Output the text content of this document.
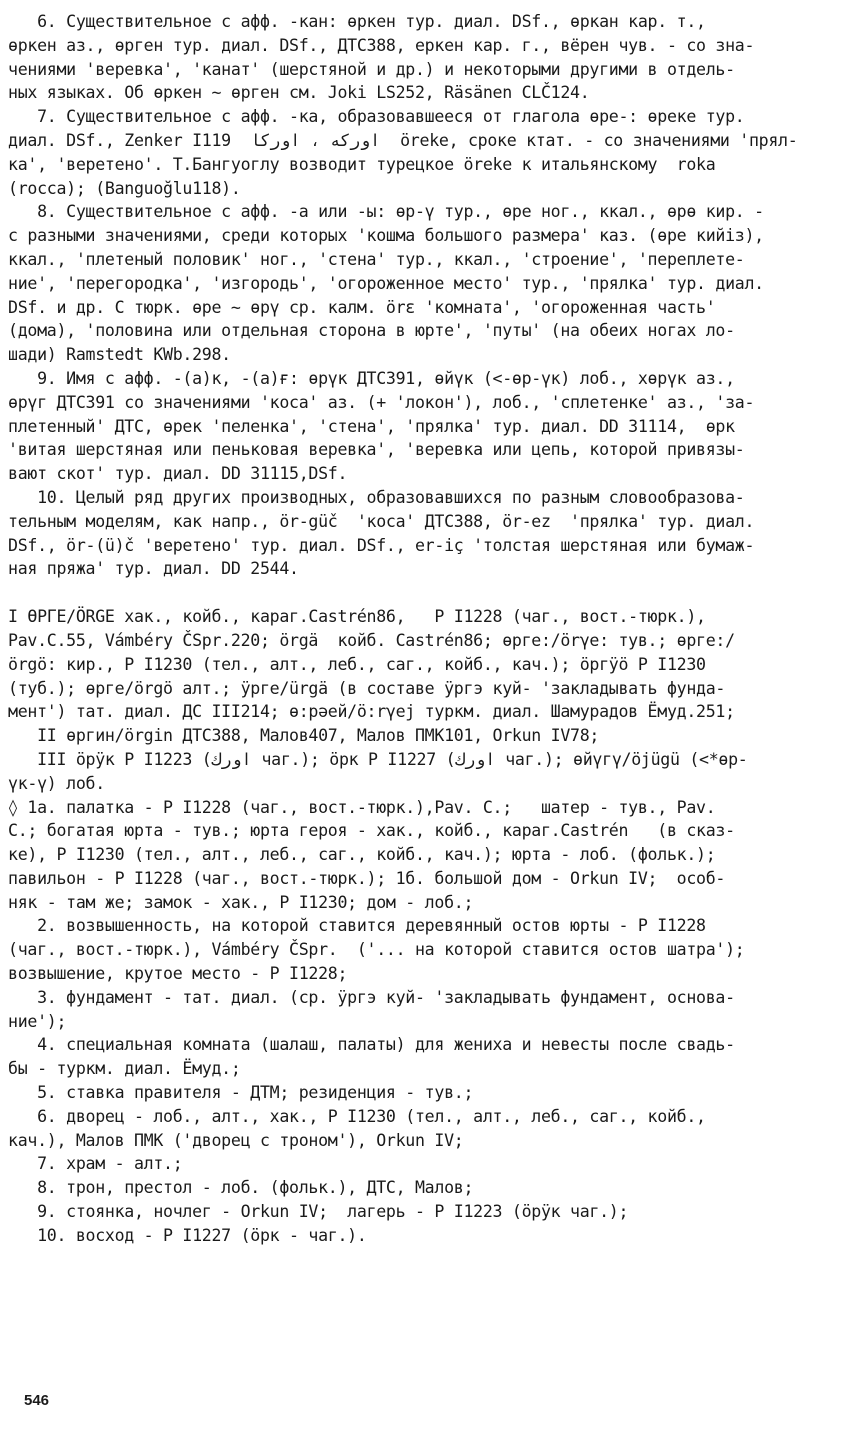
6. Существительное с афф. -кан: өркен тур. диал. DSf., өркан кар. т.,
өркен аз., өрген тур. диал. DSf., ДТС388, еркен кар. г., вёрен чув. - со зна-
чениями 'веревка', 'канат' (шерстяной и др.) и некоторыми другими в отдель-
ных языках. Об өркен ~ өрген см. Joki LS252, Räsänen CLČ124.
7. Существительное с афф. -ка, образовавшееся от глагола өре-: өреке тур.
диал. DSf., Zenker I119  اوركه ، اوركا  öreke, сроке ктат. - со значениями 'прял-
ка', 'веретено'. Т.Бангуоглу возводит турецкое öreke к итальянскому  roka
(rocca); (Banguoğlu118).
8. Существительное с афф. -а или -ы: өр-ү тур., өре ног., ккал., өрө кир. -
с разными значениями, среди которых 'кошма большого размера' каз. (өре кийiз),
ккал., 'плетеный половик' ног., 'стена' тур., ккал., 'строение', 'переплете-
ние', 'перегородка', 'изгородь', 'огороженное место' тур., 'прялка' тур. диал.
DSf. и др. С тюрк. өре ~ өрү ср. калм. örε 'комната', 'огороженная часть'
(дома), 'половина или отдельная сторона в юрте', 'путы' (на обеих ногах ло-
шади) Ramstedt KWb.298.
9. Имя с афф. -(а)к, -(а)ғ: өрүк ДТС391, өйүк (<-өр-үк) лоб., хөрүк аз.,
өрүг ДТС391 со значениями 'коса' аз. (+ 'локон'), лоб., 'сплетенке' аз., 'за-
плетенный' ДТС, өрек 'пеленка', 'стена', 'прялка' тур. диал. DD 31114,  өрк
'витая шерстяная или пеньковая веревка', 'веревка или цепь, которой привязы-
вают скот' тур. диал. DD 31115,DSf.
10. Целый ряд других производных, образовавшихся по разным словообразова-
тельным моделям, как напр., ör-güč  'коса' ДТС388, ör-ez  'прялка' тур. диал.
DSf., ör-(ü)č 'веретено' тур. диал. DSf., er-iç 'толстая шерстяная или бумаж-
ная пряжа' тур. диал. DD 2544.
I ӨРГЕ/ÖRGE хак., койб., караг.Castrén86,   P I1228 (чаг., вост.-тюрк.),
Pav.C.55, Vámbéry ČSpr.220; örgä  койб. Castrén86; өрге:/örγe: тув.; өрге:/
örgö: кир., P I1230 (тел., алт., леб., саг., койб., кач.); öргÿö P I1230
(туб.); өрге/örgö алт.; ӱрге/ürgä (в составе ӱргэ куй- 'закладывать фунда-
мент') тат. диал. ДС III214; ө:рәей/ö:rγej туркм. диал. Шамурадов Ёмуд.251;
II өргин/örgin ДТС388, Малов407, Малов ПМК101, Orkun IV78;
III öрÿк P I1223 (اورك чаг.); öрк P I1227 (اورك чаг.); өйүгү/öjügü (<*өр-
үк-ү) лоб.
◊ 1а. палатка - P I1228 (чаг., вост.-тюрк.),Pav. C.;   шатер - тув., Pav.
C.; богатая юрта - тув.; юрта героя - хак., койб., караг.Castrén   (в сказ-
ке), P I1230 (тел., алт., леб., саг., койб., кач.); юрта - лоб. (фольк.);
павильон - P I1228 (чаг., вост.-тюрк.); 1б. большой дом - Orkun IV;  особ-
няк - там же; замок - хак., P I1230; дом - лоб.;
2. возвышенность, на которой ставится деревянный остов юрты - P I1228
(чаг., вост.-тюрк.), Vámbéry ČSpr.  ('... на которой ставится остов шатра');
возвышение, крутое место - P I1228;
3. фундамент - тат. диал. (ср. ӱргэ куй- 'закладывать фундамент, основа-
ние');
4. специальная комната (шалаш, палаты) для жениха и невесты после свадь-
бы - туркм. диал. Ёмуд.;
5. ставка правителя - ДТМ; резиденция - тув.;
6. дворец - лоб., алт., хак., P I1230 (тел., алт., леб., саг., койб.,
кач.), Малов ПМК ('дворец с троном'), Orkun IV;
7. храм - алт.;
8. трон, престол - лоб. (фольк.), ДТС, Малов;
9. стоянка, ночлег - Orkun IV;  лагерь - P I1223 (öрÿк чаг.);
10. восход - P I1227 (öрк - чаг.).
546
